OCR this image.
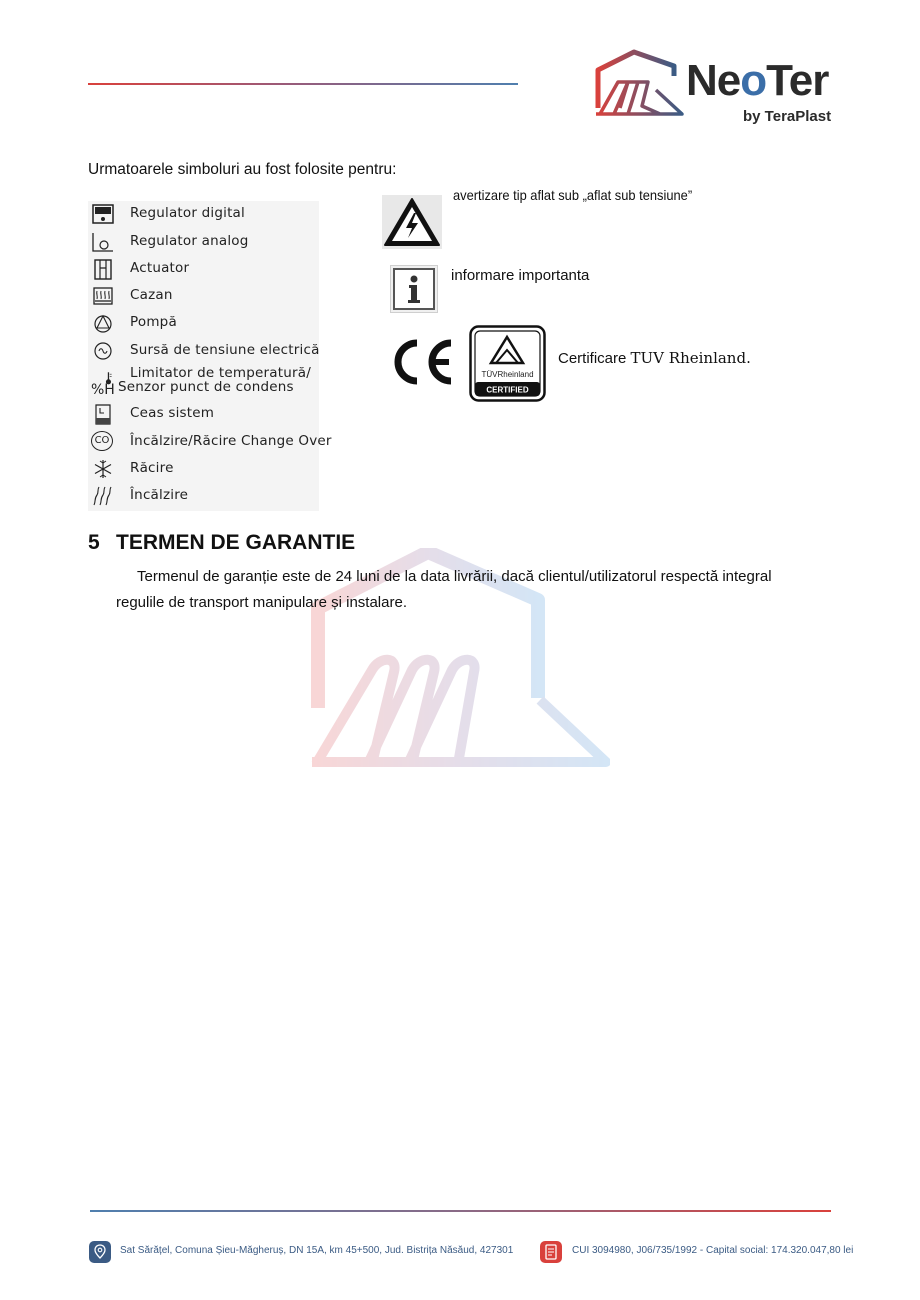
NeoTer
by TeraPlast
Urmatoarele simboluri au fost folosite pentru:
Regulator digital
Regulator analog
Actuator
Cazan
Pompă
Sursă de tensiune electrică
Limitator de temperatură/
%H Senzor punct de condens
Ceas sistem
CO Încălzire/Răcire Change Over
Răcire
Încălzire
avertizare tip aflat sub „aflat sub tensiune”
informare importanta
TÜVRheinland
CERTIFIED
Certificare TUV Rheinland.
5 TERMEN DE GARANTIE
Termenul de garanție este de 24 luni de la data livrării, dacă clientul/utilizatorul respectă integral
regulile de transport manipulare și instalare.
Sat Sărățel, Comuna Șieu-Măgheruș, DN 15A, km 45+500, Jud. Bistrița Năsăud, 427301	CUI 3094980, J06/735/1992 - Capital social: 174.320.047,80 lei
